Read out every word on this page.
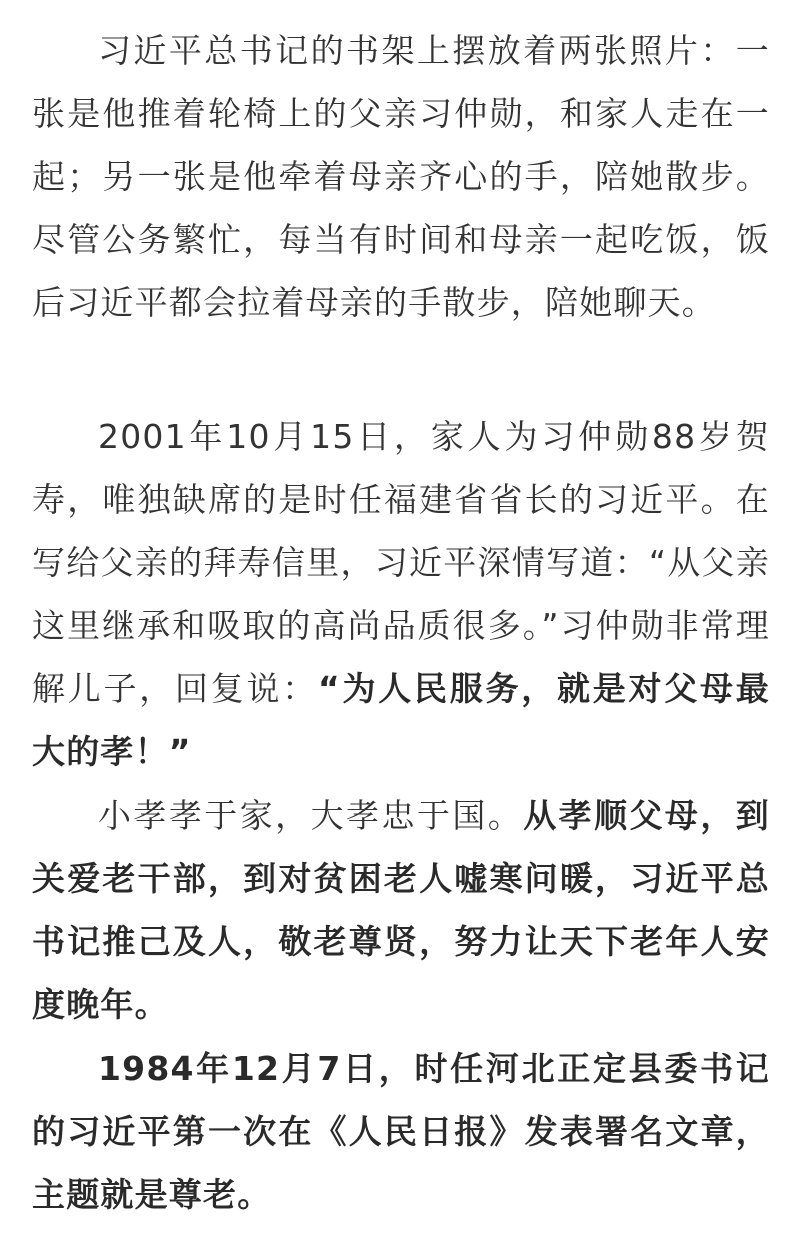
习近平总书记的书架上摆放着两张照片：一张是他推着轮椅上的父亲习仲勋，和家人走在一起；另一张是他牵着母亲齐心的手，陪她散步。尽管公务繁忙，每当有时间和母亲一起吃饭，饭后习近平都会拉着母亲的手散步，陪她聊天。

2001年10月15日，家人为习仲勋88岁贺寿，唯独缺席的是时任福建省省长的习近平。在写给父亲的拜寿信里，习近平深情写道：“从父亲这里继承和吸取的高尚品质很多。”习仲勋非常理解儿子，回复说：“为人民服务，就是对父母最大的孝！”

小孝孝于家，大孝忠于国。从孝顺父母，到关爱老干部，到对贫困老人嘘寒问暖，习近平总书记推己及人，敬老尊贤，努力让天下老年人安度晚年。

1984年12月7日，时任河北正定县委书记的习近平第一次在《人民日报》发表署名文章，主题就是尊老。
